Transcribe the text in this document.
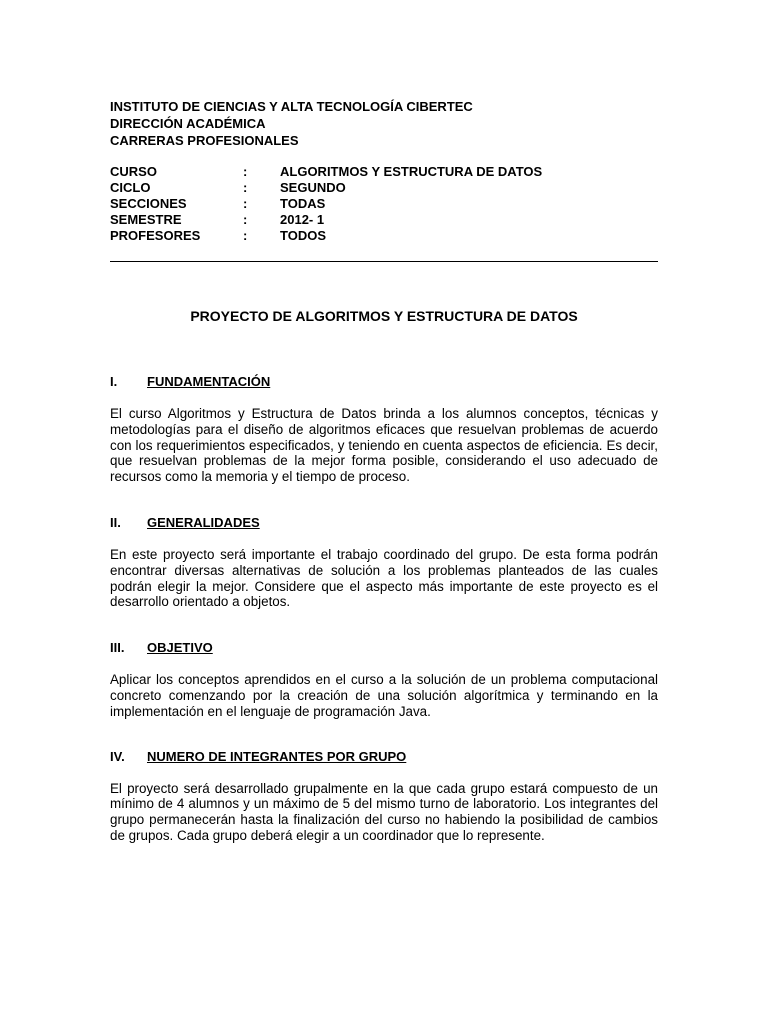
INSTITUTO DE CIENCIAS Y ALTA TECNOLOGÍA CIBERTEC
DIRECCIÓN ACADÉMICA
CARRERAS PROFESIONALES
CURSO	:	ALGORITMOS Y ESTRUCTURA DE DATOS
CICLO	:	SEGUNDO
SECCIONES	:	TODAS
SEMESTRE	:	2012- 1
PROFESORES	:	TODOS
PROYECTO DE ALGORITMOS Y ESTRUCTURA DE DATOS
I.	FUNDAMENTACIÓN
El curso Algoritmos y Estructura de Datos brinda a los alumnos conceptos, técnicas y metodologías para el diseño de algoritmos eficaces que resuelvan problemas de acuerdo con los requerimientos especificados, y teniendo en cuenta aspectos de eficiencia. Es decir, que resuelvan problemas de la mejor forma posible, considerando el uso adecuado de recursos como la memoria y el tiempo de proceso.
II.	GENERALIDADES
En este proyecto será importante el trabajo coordinado del grupo. De esta forma podrán encontrar diversas alternativas de solución a los problemas planteados de las cuales podrán elegir la mejor. Considere que el aspecto más importante de este proyecto es el desarrollo orientado a objetos.
III.	OBJETIVO
Aplicar los conceptos aprendidos en el curso a la solución de un problema computacional concreto comenzando por la creación de una solución algorítmica y terminando en la implementación en el lenguaje de programación Java.
IV.	NUMERO DE INTEGRANTES POR GRUPO
El proyecto será desarrollado grupalmente en la que cada grupo estará compuesto de un mínimo de 4 alumnos y un máximo de 5 del mismo turno de laboratorio. Los integrantes del grupo permanecerán hasta la finalización del curso no habiendo la posibilidad de cambios de grupos. Cada grupo deberá elegir a un coordinador que lo represente.
